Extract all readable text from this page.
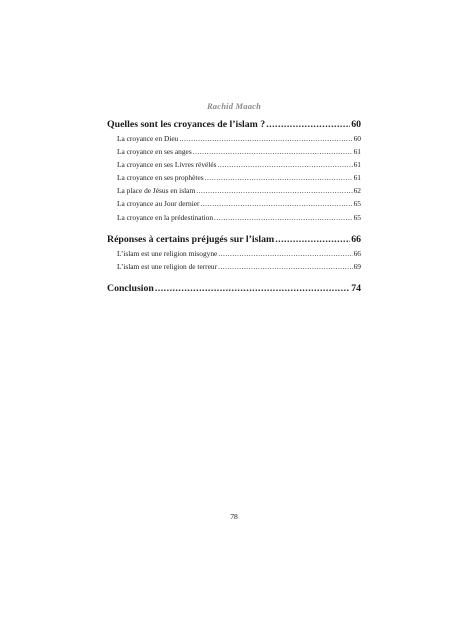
Rachid Maach
Quelles sont les croyances de l’islam ? .....	60
La croyance en Dieu .....	60
La croyance en ses anges .....	61
La croyance en ses Livres révélés .....	61
La croyance en ses prophètes .....	61
La place de Jésus en islam .....	62
La croyance au Jour dernier .....	65
La croyance en la prédestination .....	65
Réponses à certains préjugés sur l’islam .....	66
L’islam est une religion misogyne .....	66
L’islam est une religion de terreur .....	69
Conclusion .....	74
78
